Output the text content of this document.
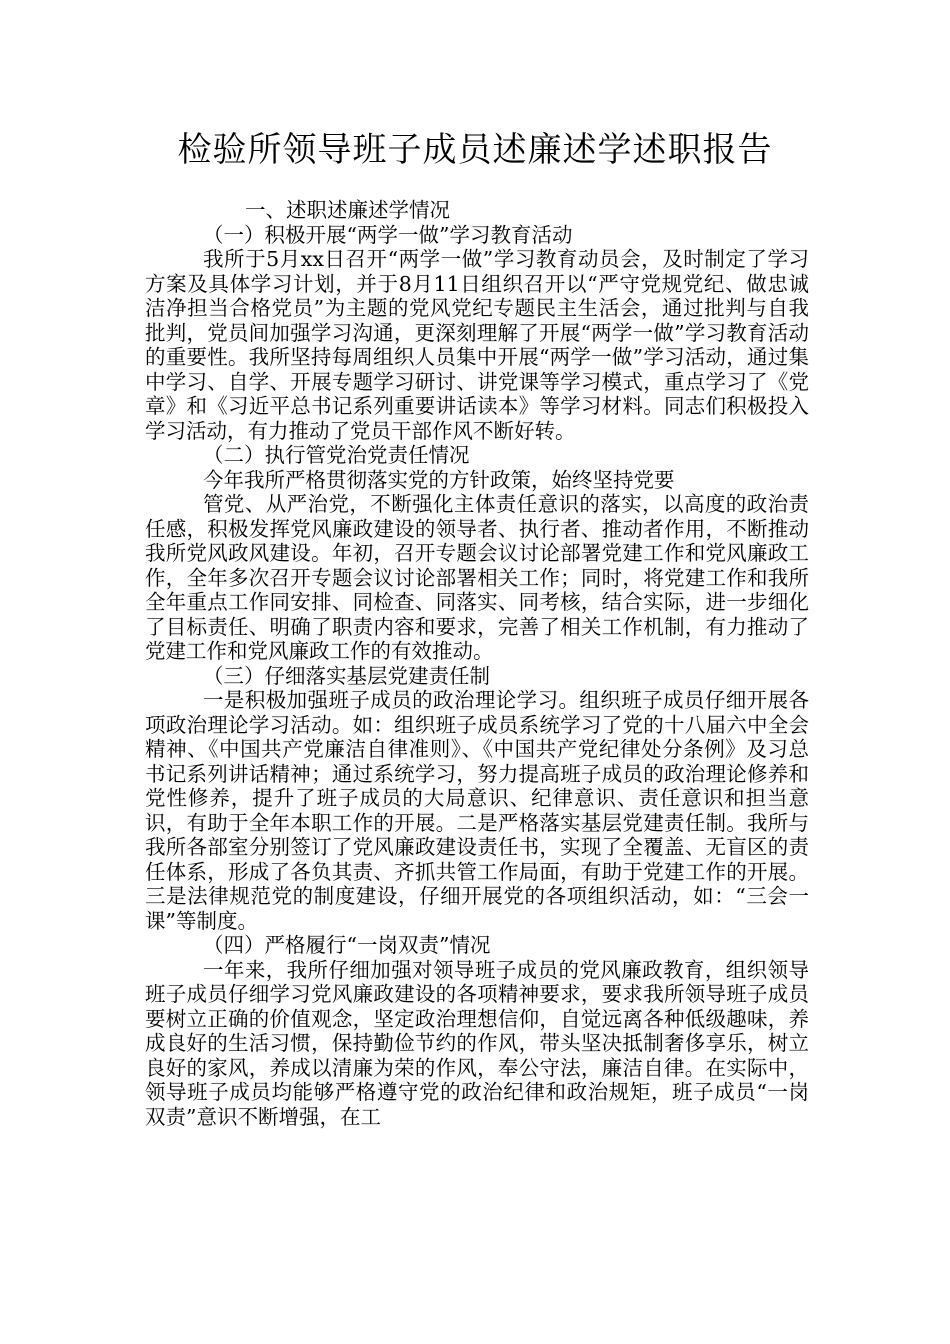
检验所领导班子成员述廉述学述职报告

一、述职述廉述学情况

（一）积极开展“两学一做”学习教育活动

我所于5月xx日召开“两学一做”学习教育动员会，及时制定了学习方案及具体学习计划，并于8月11日组织召开以“严守党规党纪、做忠诚洁净担当合格党员”为主题的党风党纪专题民主生活会，通过批判与自我批判，党员间加强学习沟通，更深刻理解了开展“两学一做”学习教育活动的重要性。我所坚持每周组织人员集中开展“两学一做”学习活动，通过集中学习、自学、开展专题学习研讨、讲党课等学习模式，重点学习了《党章》和《习近平总书记系列重要讲话读本》等学习材料。同志们积极投入学习活动，有力推动了党员干部作风不断好转。

（二）执行管党治党责任情况

今年我所严格贯彻落实党的方针政策，始终坚持党要

管党、从严治党，不断强化主体责任意识的落实，以高度的政治责任感，积极发挥党风廉政建设的领导者、执行者、推动者作用，不断推动我所党风政风建设。年初，召开专题会议讨论部署党建工作和党风廉政工作，全年多次召开专题会议讨论部署相关工作；同时，将党建工作和我所全年重点工作同安排、同检查、同落实、同考核，结合实际，进一步细化了目标责任、明确了职责内容和要求，完善了相关工作机制，有力推动了党建工作和党风廉政工作的有效推动。

（三）仔细落实基层党建责任制

一是积极加强班子成员的政治理论学习。组织班子成员仔细开展各项政治理论学习活动。如：组织班子成员系统学习了党的十八届六中全会精神、《中国共产党廉洁自律准则》、《中国共产党纪律处分条例》及习总书记系列讲话精神；通过系统学习，努力提高班子成员的政治理论修养和党性修养，提升了班子成员的大局意识、纪律意识、责任意识和担当意识，有助于全年本职工作的开展。二是严格落实基层党建责任制。我所与我所各部室分别签订了党风廉政建设责任书，实现了全覆盖、无盲区的责任体系，形成了各负其责、齐抓共管工作局面，有助于党建工作的开展。三是法律规范党的制度建设，仔细开展党的各项组织活动，如：“三会一课”等制度。

（四）严格履行“一岗双责”情况

一年来，我所仔细加强对领导班子成员的党风廉政教育，组织领导班子成员仔细学习党风廉政建设的各项精神要求，要求我所领导班子成员要树立正确的价值观念，坚定政治理想信仰，自觉远离各种低级趣味，养成良好的生活习惯，保持勤俭节约的作风，带头坚决抵制奢侈享乐，树立良好的家风，养成以清廉为荣的作风，奉公守法，廉洁自律。在实际中，领导班子成员均能够严格遵守党的政治纪律和政治规矩，班子成员“一岗双责”意识不断增强，在工
